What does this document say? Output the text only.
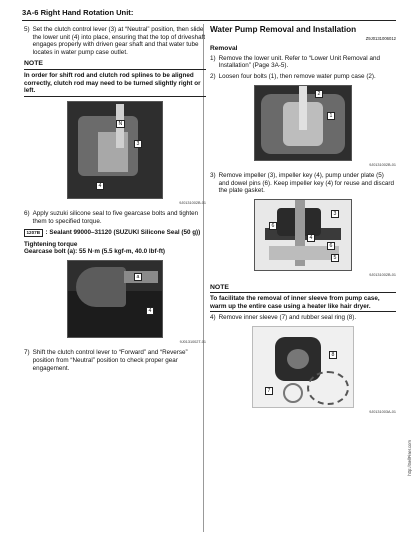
3A-6 Right Hand Rotation Unit:
5) Set the clutch control lever (3) at “Neutral” position, then slide the lower unit (4) into place, ensuring that the top of driveshaft engages properly with driven gear shaft and that water tube locates in water pump case outlet.
NOTE
In order for shift rod and clutch rod splines to be aligned correctly, clutch rod may need to be turned slightly right or left.
N
3
4
9J0131002B-01
6) Apply suzuki silicone seal to five gearcase bolts and tighten them to specified torque.
1207B : Sealant 99000–31120 (SUZUKI Silicone Seal (50 g))
Tightening torque
Gearcase bolt (a): 55 N·m (5.5 kgf-m, 40.0 lbf-ft)
a
4
9J0131002T-01
7) Shift the clutch control lever to “Forward” and “Reverse” position from “Neutral” position to check proper gear engagement.
Water Pump Removal and Installation
Z9J0131006012
Removal
1) Remove the lower unit. Refer to “Lower Unit Removal and Installation” (Page 3A-5).
2) Loosen four bolts (1), then remove water pump case (2).
2
1
9J0131002B-01
3) Remove impeller (3), impeller key (4), pump under plate (5) and dowel pins (6). Keep impeller key (4) for reuse and discard the plate gasket.
3
6
4
6
5
9J0131002B-01
NOTE
To facilitate the removal of inner sleeve from pump case, warm up the entire case using a heater like hair dryer.
4) Remove inner sleeve (7) and rubber seal ring (8).
8
7
9J0131003A-01
http://SellFiser.com
